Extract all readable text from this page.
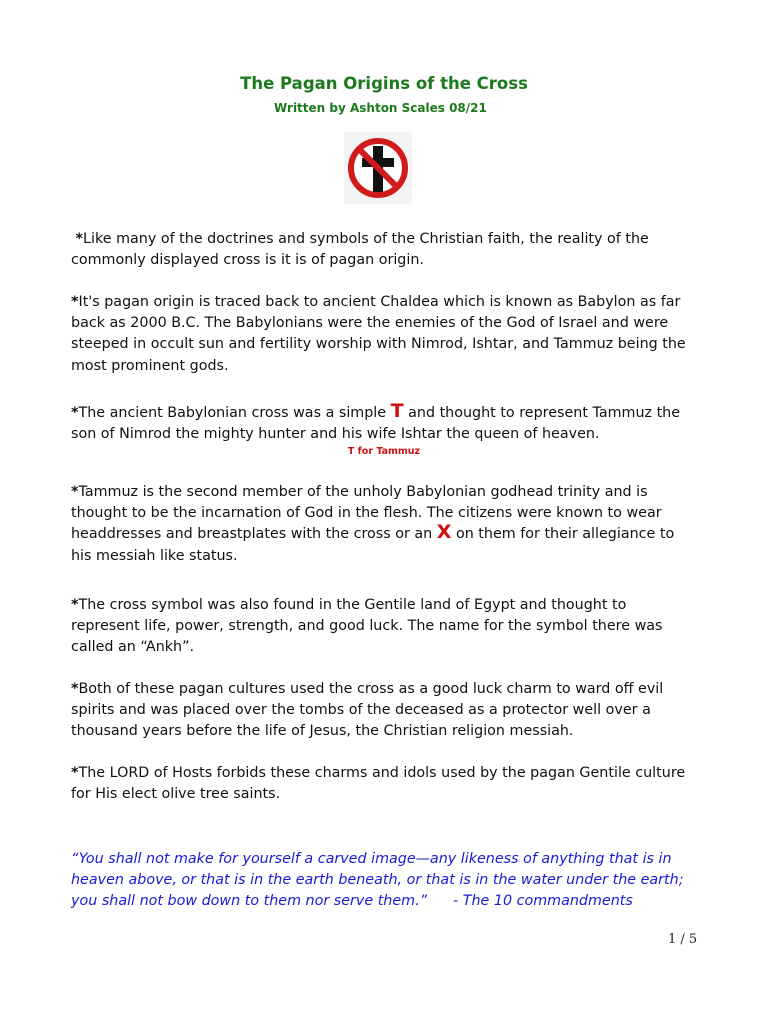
The Pagan Origins of the Cross
Written by Ashton Scales 08/21
*Like many of the doctrines and symbols of the Christian faith, the reality of the commonly displayed cross is it is of pagan origin.
*It's pagan origin is traced back to ancient Chaldea which is known as Babylon as far back as 2000 B.C. The Babylonians were the enemies of the God of Israel and were steeped in occult sun and fertility worship with Nimrod, Ishtar, and Tammuz being the most prominent gods.
*The ancient Babylonian cross was a simple T and thought to represent Tammuz the son of Nimrod the mighty hunter and his wife Ishtar the queen of heaven.
T for Tammuz
*Tammuz is the second member of the unholy Babylonian godhead trinity and is thought to be the incarnation of God in the flesh. The citizens were known to wear headdresses and breastplates with the cross or an X on them for their allegiance to his messiah like status.
*The cross symbol was also found in the Gentile land of Egypt and thought to represent life, power, strength, and good luck. The name for the symbol there was called an “Ankh”.
*Both of these pagan cultures used the cross as a good luck charm to ward off evil spirits and was placed over the tombs of the deceased as a protector well over a thousand years before the life of Jesus, the Christian religion messiah.
*The LORD of Hosts forbids these charms and idols used by the pagan Gentile culture for His elect olive tree saints.
“You shall not make for yourself a carved image—any likeness of anything that is in heaven above, or that is in the earth beneath, or that is in the water under the earth;
you shall not bow down to them nor serve them.” - The 10 commandments
1 / 5
